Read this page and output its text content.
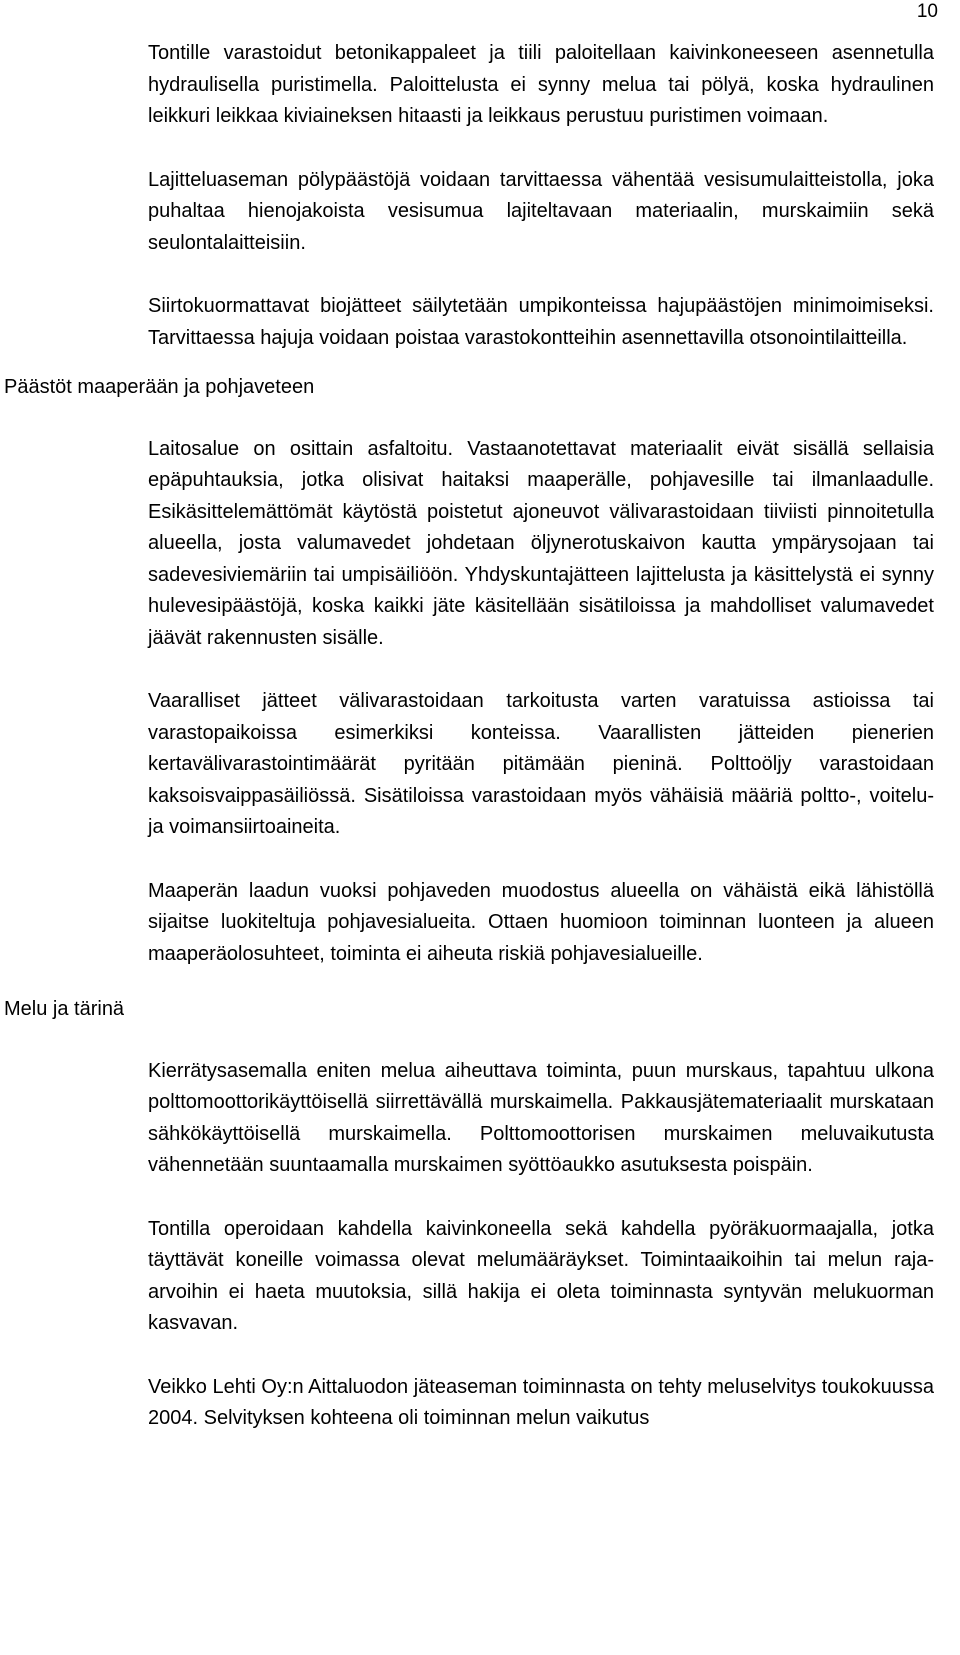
10

Tontille varastoidut betonikappaleet ja tiili paloitellaan kaivinkoneeseen asennetulla hydraulisella puristimella. Paloittelusta ei synny melua tai pölyä, koska hydraulinen leikkuri leikkaa kiviaineksen hitaasti ja leikkaus perustuu puristimen voimaan.

Lajitteluaseman pölypäästöjä voidaan tarvittaessa vähentää vesisumulaitteistolla, joka puhaltaa hienojakoista vesisumua lajiteltavaan materiaalin, murskaimiin sekä seulontalaitteisiin.

Siirtokuormattavat biojätteet säilytetään umpikonteissa hajupäästöjen minimoimiseksi. Tarvittaessa hajuja voidaan poistaa varastokontteihin asennettavilla otsonointilaitteilla.

Päästöt maaperään ja pohjaveteen

Laitosalue on osittain asfaltoitu. Vastaanotettavat materiaalit eivät sisällä sellaisia epäpuhtauksia, jotka olisivat haitaksi maaperälle, pohjavesille tai ilmanlaadulle. Esikäsittelemättömät käytöstä poistetut ajoneuvot välivarastoidaan tiiviisti pinnoitetulla alueella, josta valumavedet johdetaan öljynerotuskaivon kautta ympärysojaan tai sadevesiviemäriin tai umpisäiliöön. Yhdyskuntajätteen lajittelusta ja käsittelystä ei synny hulevesipäästöjä, koska kaikki jäte käsitellään sisätiloissa ja mahdolliset valumavedet jäävät rakennusten sisälle.

Vaaralliset jätteet välivarastoidaan tarkoitusta varten varatuissa astioissa tai varastopaikoissa esimerkiksi konteissa. Vaarallisten jätteiden pienerien kertavälivarastointimäärät pyritään pitämään pieninä. Polttoöljy varastoidaan kaksoisvaippasäiliössä. Sisätiloissa varastoidaan myös vähäisiä määriä poltto-, voitelu- ja voimansiirtoaineita.

Maaperän laadun vuoksi pohjaveden muodostus alueella on vähäistä eikä lähistöllä sijaitse luokiteltuja pohjavesialueita. Ottaen huomioon toiminnan luonteen ja alueen maaperäolosuhteet, toiminta ei aiheuta riskiä pohjavesialueille.

Melu ja tärinä

Kierrätysasemalla eniten melua aiheuttava toiminta, puun murskaus, tapahtuu ulkona polttomoottorikäyttöisellä siirrettävällä murskaimella. Pakkausjätemateriaalit murskataan sähkökäyttöisellä murskaimella. Polttomoottorisen murskaimen meluvaikutusta vähennetään suuntaamalla murskaimen syöttöaukko asutuksesta poispäin.

Tontilla operoidaan kahdella kaivinkoneella sekä kahdella pyöräkuormaajalla, jotka täyttävät koneille voimassa olevat melumääräykset. Toimintaaikoihin tai melun raja-arvoihin ei haeta muutoksia, sillä hakija ei oleta toiminnasta syntyvän melukuorman kasvavan.

Veikko Lehti Oy:n Aittaluodon jäteaseman toiminnasta on tehty meluselvitys toukokuussa 2004. Selvityksen kohteena oli toiminnan melun vaikutus
